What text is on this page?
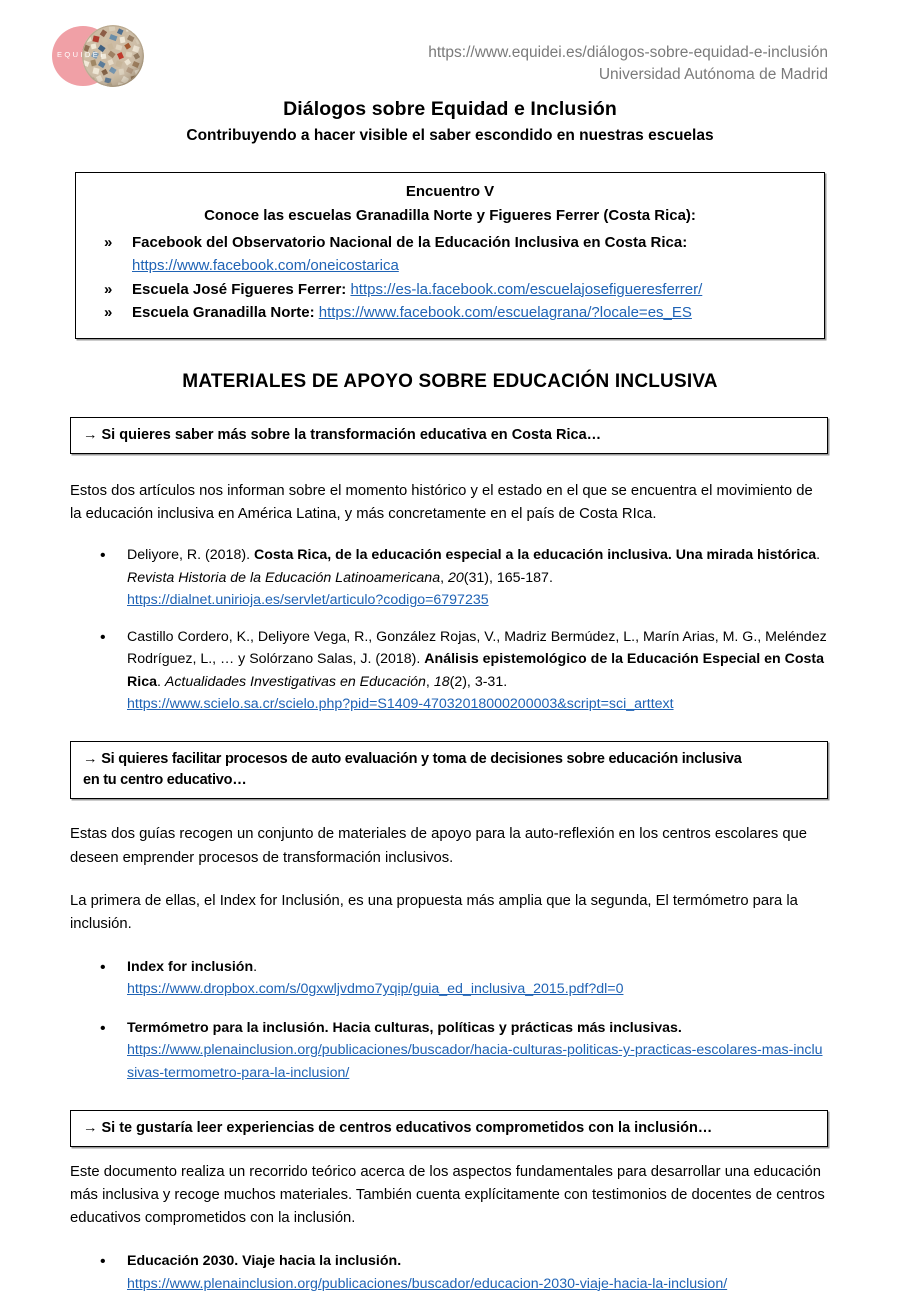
EQUIDEI	https://www.equidei.es/diálogos-sobre-equidad-e-inclusión
Universidad Autónoma de Madrid
Diálogos sobre Equidad e Inclusión
Contribuyendo a hacer visible el saber escondido en nuestras escuelas
Encuentro V
Conoce las escuelas Granadilla Norte y Figueres Ferrer (Costa Rica):
» Facebook del Observatorio Nacional de la Educación Inclusiva en Costa Rica:
https://www.facebook.com/oneicostarica
» Escuela José Figueres Ferrer: https://es-la.facebook.com/escuelajosefigueresferrer/
» Escuela Granadilla Norte: https://www.facebook.com/escuelagrana/?locale=es_ES
MATERIALES DE APOYO SOBRE EDUCACIÓN INCLUSIVA
→ Si quieres saber más sobre la transformación educativa en Costa Rica…
Estos dos artículos nos informan sobre el momento histórico y el estado en el que se encuentra el movimiento de la educación inclusiva en América Latina, y más concretamente en el país de Costa RIca.
• Deliyore, R. (2018). Costa Rica, de la educación especial a la educación inclusiva. Una mirada histórica. Revista Historia de la Educación Latinoamericana, 20(31), 165-187.
https://dialnet.unirioja.es/servlet/articulo?codigo=6797235
• Castillo Cordero, K., Deliyore Vega, R., González Rojas, V., Madriz Bermúdez, L., Marín Arias, M. G., Meléndez Rodríguez, L., … y Solórzano Salas, J. (2018). Análisis epistemológico de la Educación Especial en Costa Rica. Actualidades Investigativas en Educación, 18(2), 3-31.
https://www.scielo.sa.cr/scielo.php?pid=S1409-47032018000200003&script=sci_arttext
→ Si quieres facilitar procesos de auto evaluación y toma de decisiones sobre educación inclusiva
en tu centro educativo…
Estas dos guías recogen un conjunto de materiales de apoyo para la auto-reflexión en los centros escolares que deseen emprender procesos de transformación inclusivos.
La primera de ellas, el Index for Inclusión, es una propuesta más amplia que la segunda, El termómetro para la inclusión.
• Index for inclusión.
https://www.dropbox.com/s/0gxwljvdmo7yqip/guia_ed_inclusiva_2015.pdf?dl=0
• Termómetro para la inclusión. Hacia culturas, políticas y prácticas más inclusivas.
https://www.plenainclusion.org/publicaciones/buscador/hacia-culturas-politicas-y-practicas-escolares-mas-inclusivas-termometro-para-la-inclusion/
→ Si te gustaría leer experiencias de centros educativos comprometidos con la inclusión…
Este documento realiza un recorrido teórico acerca de los aspectos fundamentales para desarrollar una educación más inclusiva y recoge muchos materiales. También cuenta explícitamente con testimonios de docentes de centros educativos comprometidos con la inclusión.
• Educación 2030. Viaje hacia la inclusión.
https://www.plenainclusion.org/publicaciones/buscador/educacion-2030-viaje-hacia-la-inclusion/
